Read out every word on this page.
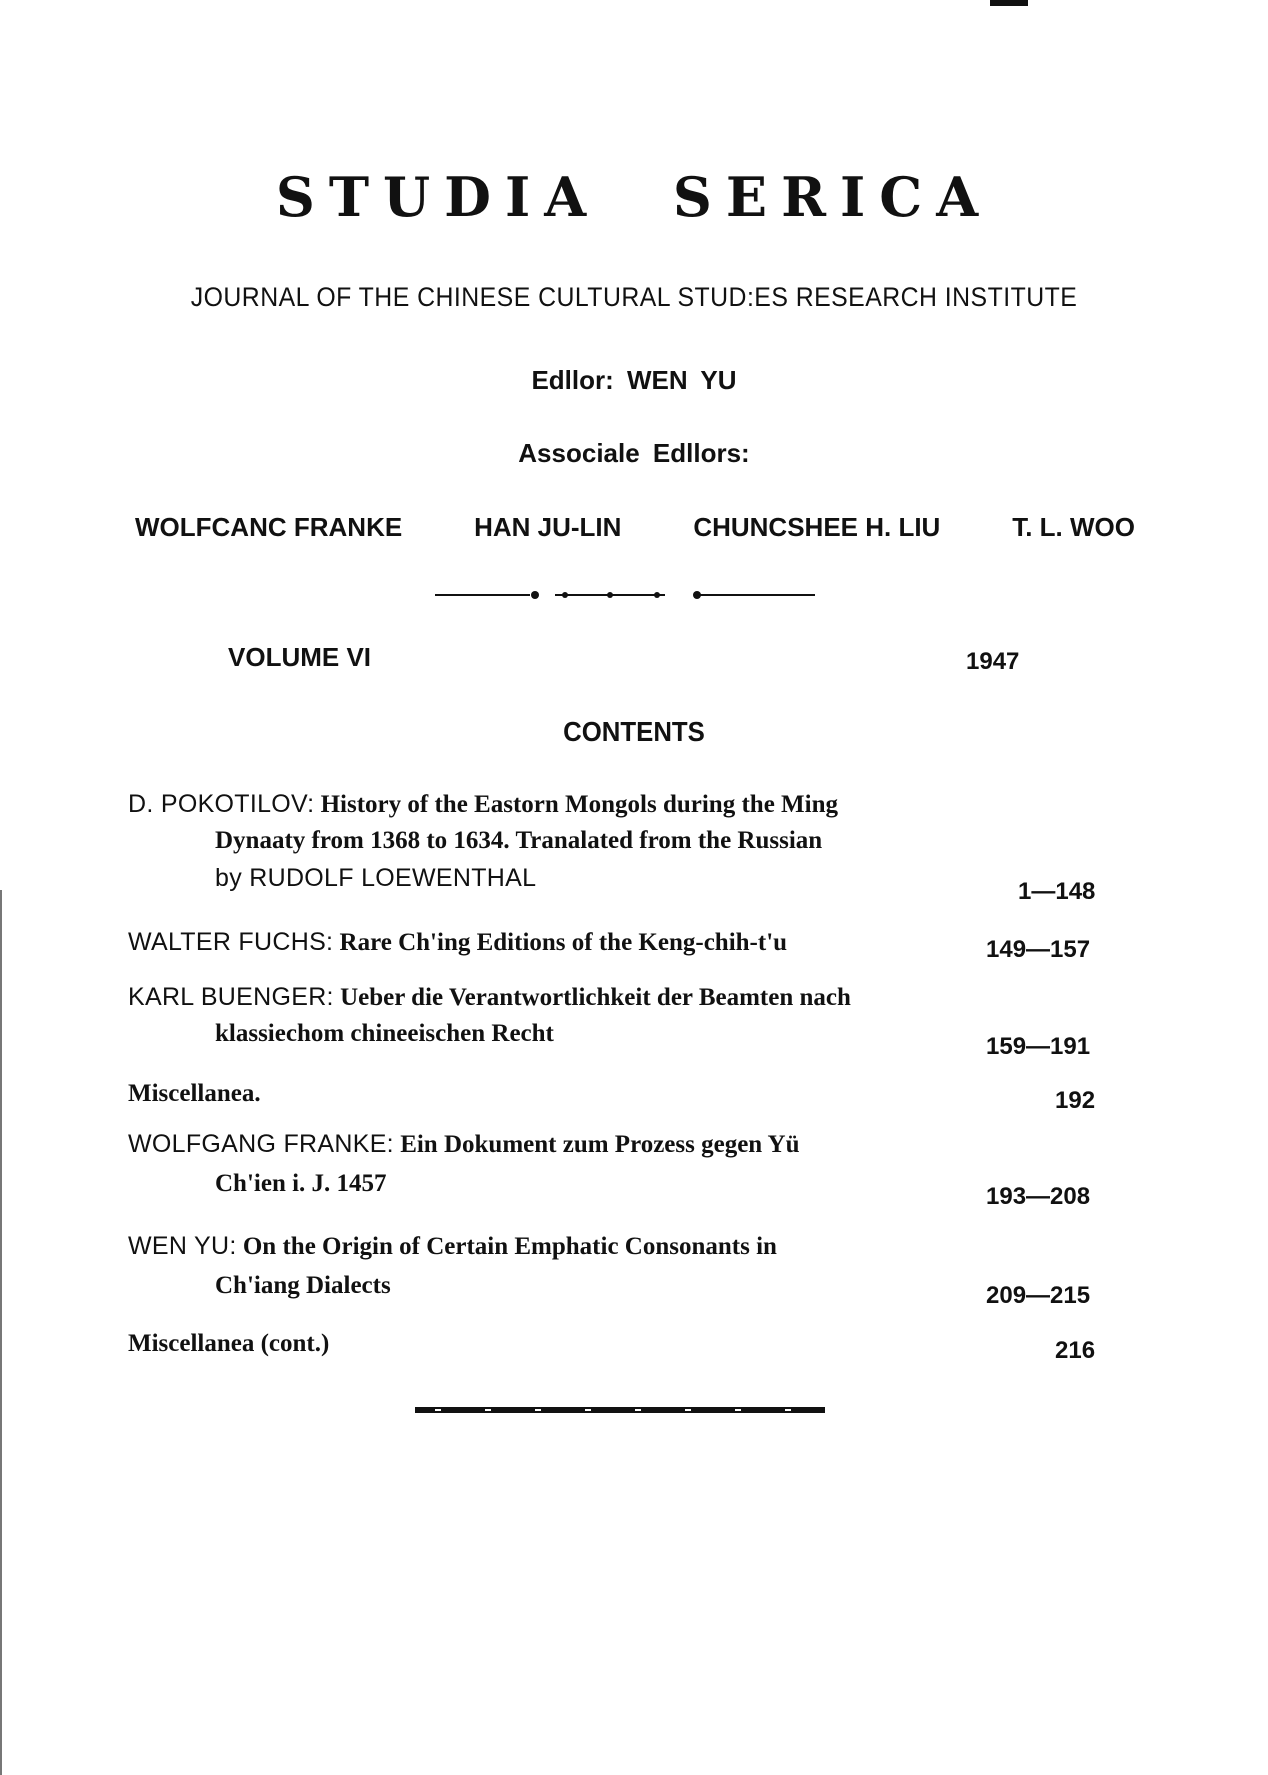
STUDIA SERICA
JOURNAL OF THE CHINESE CULTURAL STUD:ES RESEARCH INSTITUTE
Edllor: WEN YU
Associale Edllors:
WOLFCANC FRANKE	HAN JU-LIN	CHUNCSHEE H. LIU	T. L. WOO
VOLUME VI	1947
CONTENTS
D. POKOTILOV: History of the Eastorn Mongols during the Ming
Dynaaty from 1368 to 1634. Tranalated from the Russian
by RUDOLF LOEWENTHAL	1—148
WALTER FUCHS: Rare Ch'ing Editions of the Keng-chih-t'u	149—157
KARL BUENGER: Ueber die Verantwortlichkeit der Beamten nach
klassiechom chineeischen Recht	159—191
Miscellanea.	192
WOLFGANG FRANKE: Ein Dokument zum Prozess gegen Yü
Ch'ien i. J. 1457	193—208
WEN YU: On the Origin of Certain Emphatic Consonants in
Ch'iang Dialects	209—215
Miscellanea (cont.)	216
